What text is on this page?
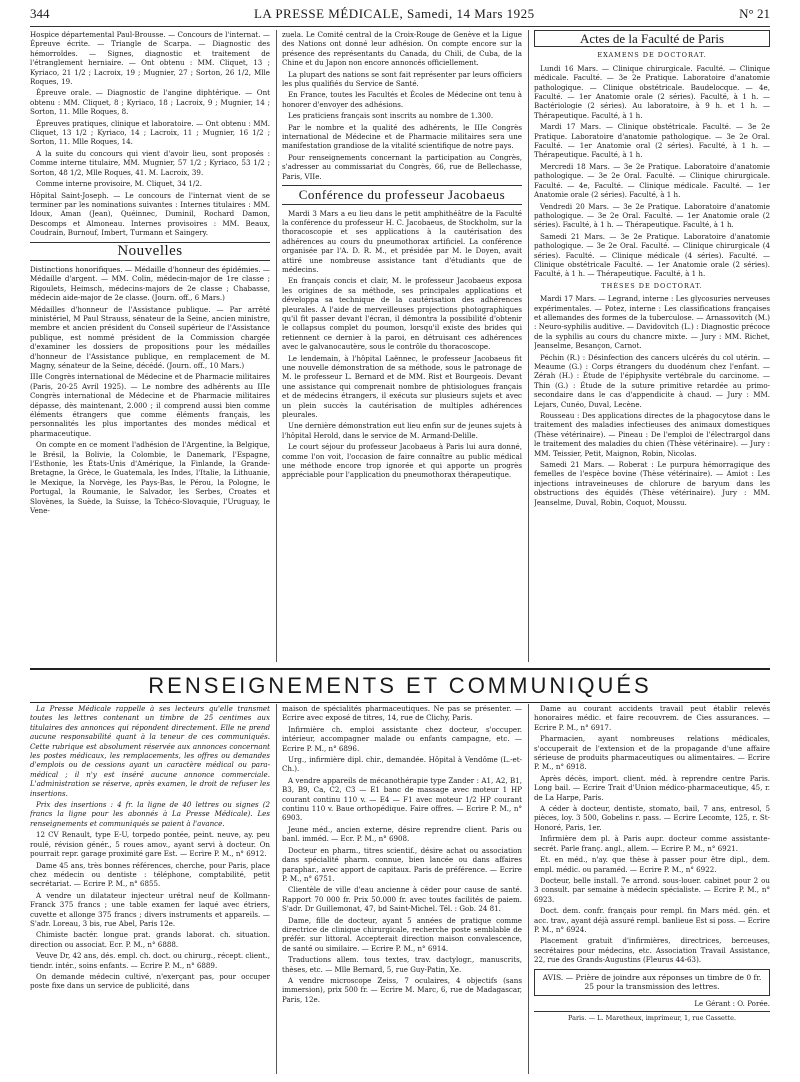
344	LA PRESSE MÉDICALE, Samedi, 14 Mars 1925	N° 21

Hospice départemental Paul-Brousse. — Concours de l'internat. — Épreuve écrite. — Triangle de Scarpa. — Diagnostic des hémorroïdes. — Signes, diagnostic et traitement de l'étranglement herniaire. — Ont obtenu : MM. Cliquet, 13 ; Kyriaco, 21 1/2 ; Lacroix, 19 ; Mugnier, 27 ; Sorton, 26 1/2, Mlle Roques, 19.

Épreuve orale. — Diagnostic de l'angine diphtérique. — Ont obtenu : MM. Cliquet, 8 ; Kyriaco, 18 ; Lacroix, 9 ; Mugnier, 14 ; Sorton, 11. Mlle Roques, 8.

Épreuves pratiques, clinique et laboratoire. — Ont obtenu : MM. Cliquet, 13 1/2 ; Kyriaco, 14 ; Lacroix, 11 ; Mugnier, 16 1/2 ; Sorton, 11. Mlle Roques, 14.

A la suite du concours qui vient d'avoir lieu, sont proposés : Comme interne titulaire, MM. Mugnier, 57 1/2 ; Kyriaco, 53 1/2 ; Sorton, 48 1/2, Mlle Roques, 41. M. Lacroix, 39.

Comme interne provisoire, M. Cliquet, 34 1/2.

Hôpital Saint-Joseph. — Le concours de l'internat vient de se terminer par les nominations suivantes : Internes titulaires : MM. Idoux, Aman (Jean), Quéinnec, Duminil, Rochard Damon, Descomps et Almoneau. Internes provisoires : MM. Beaux, Coudrain, Burnouf, Imbert, Turmann et Saingery.

Nouvelles

Distinctions honorifiques. — Médaille d'honneur des épidémies. — Médaille d'argent. — MM. Colin, médecin-major de 1re classe ; Rigoulets, Heimsch, médecins-majors de 2e classe ; Chabasse, médecin aide-major de 2e classe. (Journ. off., 6 Mars.)

Médailles d'honneur de l'Assistance publique. — Par arrêté ministériel, M Paul Strauss, sénateur de la Seine, ancien ministre, membre et ancien président du Conseil supérieur de l'Assistance publique, est nommé président de la Commission chargée d'examiner les dossiers de propositions pour les médailles d'honneur de l'Assistance publique, en remplacement de M. Magny, sénateur de la Seine, décédé. (Journ. off., 10 Mars.)

IIIe Congrès international de Médecine et de Pharmacie militaires (Paris, 20-25 Avril 1925). — Le nombre des adhérents au IIIe Congrès international de Médecine et de Pharmacie militaires dépasse, dès maintenant, 2.000 ; il comprend aussi bien comme éléments étrangers que comme éléments français, les personnalités les plus importantes des mondes médical et pharmaceutique.

On compte en ce moment l'adhésion de l'Argentine, la Belgique, le Brésil, la Bolivie, la Colombie, le Danemark, l'Espagne, l'Esthonie, les États-Unis d'Amérique, la Finlande, la Grande-Bretagne, la Grèce, le Guatemala, les Indes, l'Italie, la Lithuanie, le Mexique, la Norvège, les Pays-Bas, le Pérou, la Pologne, le Portugal, la Roumanie, le Salvador, les Serbes, Croates et Slovènes, la Suède, la Suisse, la Tchéco-Slovaquie, l'Uruguay, le Vene-

zuela. Le Comité central de la Croix-Rouge de Genève et la Ligue des Nations ont donné leur adhésion. On compte encore sur la présence des représentants du Canada, du Chili, de Cuba, de la Chine et du Japon non encore annoncés officiellement.

La plupart des nations se sont fait représenter par leurs officiers les plus qualifiés du Service de Santé.

En France, toutes les Facultés et Écoles de Médecine ont tenu à honorer d'envoyer des adhésions.

Les praticiens français sont inscrits au nombre de 1.300.

Par le nombre et la qualité des adhérents, le IIIe Congrès international de Médecine et de Pharmacie militaires sera une manifestation grandiose de la vitalité scientifique de notre pays.

Pour renseignements concernant la participation au Congrès, s'adresser au commissariat du Congrès, 66, rue de Bellechasse, Paris, VIIe.

Conférence du professeur Jacobaeus

Mardi 3 Mars a eu lieu dans le petit amphithéâtre de la Faculté la conférence du professeur H. C. Jacobaeus, de Stockholm, sur la thoracoscopie et ses applications à la cautérisation des adhérences au cours du pneumothorax artificiel. La conférence organisée par l'A. D. R. M., et présidée par M. le Doyen, avait attiré une nombreuse assistance tant d'étudiants que de médecins.

En français concis et clair, M. le professeur Jacobaeus exposa les origines de sa méthode, ses principales applications et développa sa technique de la cautérisation des adhérences pleurales. A l'aide de merveilleuses projections photographiques qu'il fit passer devant l'écran, il démontra la possibilité d'obtenir le collapsus complet du poumon, lorsqu'il existe des brides qui retiennent ce dernier à la paroi, en détruisant ces adhérences avec le galvanocautère, sous le contrôle du thoracoscope.

Le lendemain, à l'hôpital Laënnec, le professeur Jacobaeus fit une nouvelle démonstration de sa méthode, sous le patronage de M. le professeur L. Bernard et de MM. Rist et Bourgeois. Devant une assistance qui comprenait nombre de phtisiologues français et de médecins étrangers, il exécuta sur plusieurs sujets et avec un plein succès la cautérisation de multiples adhérences pleurales.

Une dernière démonstration eut lieu enfin sur de jeunes sujets à l'hôpital Herold, dans le service de M. Armand-Delille.

Le court séjour du professeur Jacobaeus à Paris lui aura donné, comme l'on voit, l'occasion de faire connaître au public médical une méthode encore trop ignorée et qui apporte un progrès appréciable pour l'application du pneumothorax thérapeutique.

Actes de la Faculté de Paris
EXAMENS DE DOCTORAT.

Lundi 16 Mars. — Clinique chirurgicale. Faculté. — Clinique médicale. Faculté. — 3e 2e Pratique. Laboratoire d'anatomie pathologique. — Clinique obstétricale. Baudelocque. — 4e, Faculté. — 1er Anatomie orale (2 séries). Faculté, à 1 h. — Bactériologie (2 séries). Au laboratoire, à 9 h. et 1 h. — Thérapeutique. Faculté, à 1 h.

Mardi 17 Mars. — Clinique obstétricale. Faculté. — 3e 2e Pratique. Laboratoire d'anatomie pathologique. — 3e 2e Oral. Faculté. — 1er Anatomie oral (2 séries). Faculté, à 1 h. — Thérapeutique. Faculté, à 1 h.

Mercredi 18 Mars. — 3e 2e Pratique. Laboratoire d'anatomie pathologique. — 3e 2e Oral. Faculté. — Clinique chirurgicale. Faculté. — 4e, Faculté. — Clinique médicale. Faculté. — 1er Anatomie orale (2 séries). Faculté, à 1 h.

Vendredi 20 Mars. — 3e 2e Pratique. Laboratoire d'anatomie pathologique. — 3e 2e Oral. Faculté. — 1er Anatomie orale (2 séries). Faculté, à 1 h. — Thérapeutique. Faculté, à 1 h.

Samedi 21 Mars. — 3e 2e Pratique. Laboratoire d'anatomie pathologique. — 3e 2e Oral. Faculté. — Clinique chirurgicale (4 séries). Faculté. — Clinique médicale (4 séries). Faculté. — Clinique obstétricale Faculté. — 1er Anatomie orale (2 séries). Faculté, à 1 h. — Thérapeutique. Faculté, à 1 h.

THÈSES DE DOCTORAT.

Mardi 17 Mars. — Legrand, interne : Les glycosuries nerveuses expérimentales. — Potez, interne : Les classifications françaises et allemandes des formes de la tuberculose. — Arnassovitch (M.) : Neuro-syphilis auditive. — Davidovitch (L.) : Diagnostic précoce de la syphilis au cours du chancre mixte. — Jury : MM. Richet, Jeanselme, Besançon, Carnot.

Péchin (R.) : Désinfection des cancers ulcérés du col utérin. — Meaume (G.) : Corps étrangers du duodénum chez l'enfant. — Zérah (H.) : Étude de l'épiphysite vertébrale du carcinome. — Thin (G.) : Étude de la suture primitive retardée au primo-secondaire dans le cas d'appendicite à chaud. — Jury : MM. Lejars, Cunéo, Duval, Lecène.

Rousseau : Des applications directes de la phagocytose dans le traitement des maladies infectieuses des animaux domestiques (Thèse vétérinaire). — Pineau : De l'emploi de l'électrargol dans le traitement des maladies du chien (Thèse vétérinaire). — Jury : MM. Teissier, Petit, Maignon, Robin, Nicolas.

Samedi 21 Mars. — Roberat : Le purpura hémorragique des femelles de l'espèce bovine (Thèse vétérinaire). — Amiot : Les injections intraveineuses de chlorure de baryum dans les obstructions des équidés (Thèse vétérinaire). Jury : MM. Jeanselme, Duval, Robin, Coquot, Moussu.

RENSEIGNEMENTS ET COMMUNIQUÉS

La Presse Médicale rappelle à ses lecteurs qu'elle transmet toutes les lettres contenant un timbre de 25 centimes aux titulaires des annonces qui répondent directement. Elle ne prend aucune responsabilité quant à la teneur de ces communiqués. Cette rubrique est absolument réservée aux annonces concernant les postes médicaux, les remplacements, les offres ou demandes d'emplois ou de cessions ayant un caractère médical ou para-médical ; il n'y est inséré aucune annonce commerciale. L'administration se réserve, après examen, le droit de refuser les insertions.

Prix des insertions : 4 fr. la ligne de 40 lettres ou signes (2 francs la ligne pour les abonnés à La Presse Médicale). Les renseignements et communiqués se paient à l'avance.

12 CV Renault, type E-U, torpedo pontée, peint. neuve, ay. peu roulé, révision génér., 5 roues amov., ayant servi à docteur. On pourrait repr. garage proximité gare Est. — Ecrire P. M., n° 6912.

Dame 45 ans, très bonnes références, cherche, pour Paris, place chez médecin ou dentiste : téléphone, comptabilité, petit secrétariat. — Ecrire P. M., n° 6855.

A vendre un dilatateur injecteur urétral neuf de Kollmann-Franck 375 francs ; une table examen fer laqué avec étriers, cuvette et allonge 375 francs ; divers instruments et appareils. — S'adr. Loreau, 3 bis, rue Abel, Paris 12e.

Chimiste bactér. longue prat. grands laborat. ch. situation. direction ou associat. Ecr. P. M., n° 6888.

Veuve Dr, 42 ans, dés. empl. ch. doct. ou chirurg., récept. client., tiendr. intér., soins enfants. — Ecrire P. M., n° 6889.

On demande médecin cultivé, n'exerçant pas, pour occuper poste fixe dans un service de publicité, dans

maison de spécialités pharmaceutiques. Ne pas se présenter. — Ecrire avec exposé de titres, 14, rue de Clichy, Paris.

Infirmière ch. emploi assistante chez docteur, s'occuper. intérieur, accompagner malade ou enfants campagne, etc. — Ecrire P. M., n° 6896.

Urg., infirmière dipl. chir., demandée. Hôpital à Vendôme (L.-et-Ch.).

A vendre appareils de mécanothérapie type Zander : A1, A2, B1, B3, B9, Ca, C2, C3 — E1 banc de massage avec moteur 1 HP courant continu 110 v. — E4 — F1 avec moteur 1/2 HP courant continu 110 v. Baue orthopédique. Faire offres. — Ecrire P. M., n° 6903.

Jeune méd., ancien externe, désire reprendre client. Paris ou banl. imméd. — Ecr. P. M., n° 6908.

Docteur en pharm., titres scientif., désire achat ou association dans spécialité pharm. connue, bien lancée ou dans affaires paraphar., avec apport de capitaux. Paris de préférence. — Ecrire P. M., n° 6751.

Clientèle de ville d'eau ancienne à céder pour cause de santé. Rapport 70 000 fr. Prix 50.000 fr. avec toutes facilités de paiem. S'adr. Dr Guillemonat, 47, bd Saint-Michel. Tél. : Gob. 24 81.

Dame, fille de docteur, ayant 5 années de pratique comme directrice de clinique chirurgicale, recherche poste semblable de préfér. sur littoral. Accepterait direction maison convalescence, de santé ou similaire. — Ecrire P. M., n° 6914.

Traductions allem. tous textes, trav. dactylogr., manuscrits, thèses, etc. — Mlle Bernard, 5, rue Guy-Patin, Xe.

A vendre microscope Zeiss, 7 oculaires, 4 objectifs (sans immersion), prix 500 fr. — Ecrire M. Marc, 6, rue de Madagascar, Paris, 12e.

Dame au courant accidents travail peut établir relevés honoraires médic. et faire recouvrem. de Cies assurances. — Ecrire P. M., n° 6917.

Pharmacien, ayant nombreuses relations médicales, s'occuperait de l'extension et de la propagande d'une affaire sérieuse de produits pharmaceutiques ou alimentaires. — Ecrire P. M., n° 6918.

Après décès, import. client. méd. à reprendre centre Paris. Long bail. — Ecrire Trait d'Union médico-pharmaceutique, 45, r. de La Harpe, Paris.

A céder à docteur, dentiste, stomato, bail, 7 ans, entresol, 5 pièces, loy. 3 500, Gobelins r. pass. — Ecrire Lecomte, 125, r. St-Honoré, Paris, 1er.

Infirmière dem pl. à Paris aupr. docteur comme assistante-secrét. Parle franç. angl., allem. — Ecrire P. M., n° 6921.

Et. en méd., n'ay. que thèse à passer pour être dipl., dem. empl. médic. ou paraméd. — Ecrire P. M., n° 6922.

Docteur, belle install. 7e arrond. sous-louer. cabinet pour 2 ou 3 consult. par semaine à médecin spécialiste. — Ecrire P. M., n° 6923.

Doct. dem. confr. français pour rempl. fin Mars méd. gén. et acc. trav., ayant déjà assuré rempl. banlieue Est si poss. — Ecrire P. M., n° 6924.

Placement gratuit d'infirmières, directrices, berceuses, secrétaires pour médecins, etc. Association Travail Assistance, 22, rue des Grands-Augustins (Fleurus 44-63).

AVIS. — Prière de joindre aux réponses un timbre de 0 fr. 25 pour la transmission des lettres.
Le Gérant : O. Porée.
Paris. — L. Maretheux, imprimeur, 1, rue Cassette.
